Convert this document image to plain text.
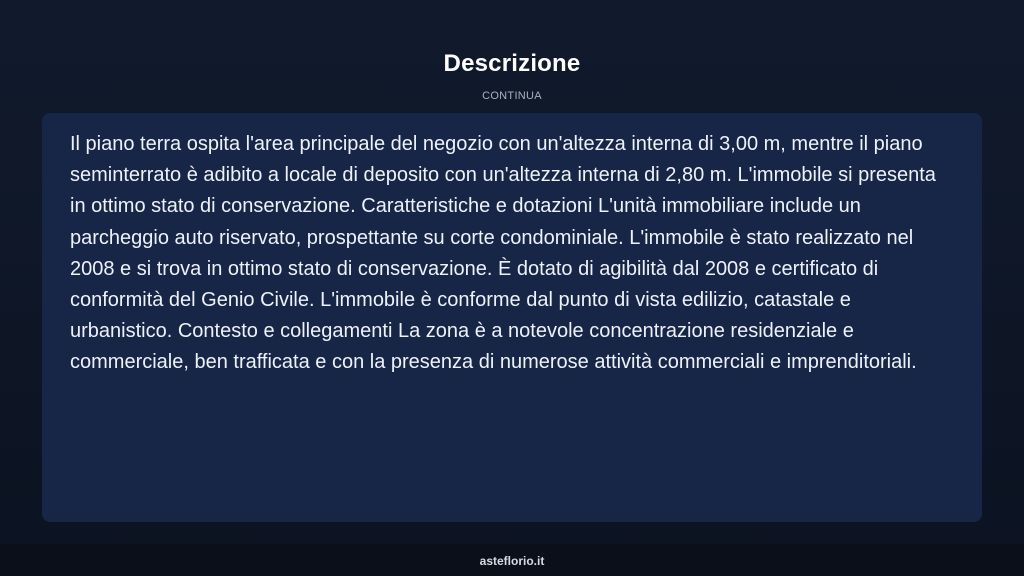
Descrizione
CONTINUA

Il piano terra ospita l'area principale del negozio con un'altezza interna di 3,00 m, mentre il piano seminterrato è adibito a locale di deposito con un'altezza interna di 2,80 m. L'immobile si presenta in ottimo stato di conservazione. Caratteristiche e dotazioni L'unità immobiliare include un parcheggio auto riservato, prospettante su corte condominiale. L'immobile è stato realizzato nel 2008 e si trova in ottimo stato di conservazione. È dotato di agibilità dal 2008 e certificato di conformità del Genio Civile. L'immobile è conforme dal punto di vista edilizio, catastale e urbanistico. Contesto e collegamenti La zona è a notevole concentrazione residenziale e commerciale, ben trafficata e con la presenza di numerose attività commerciali e imprenditoriali.

asteflorio.it
